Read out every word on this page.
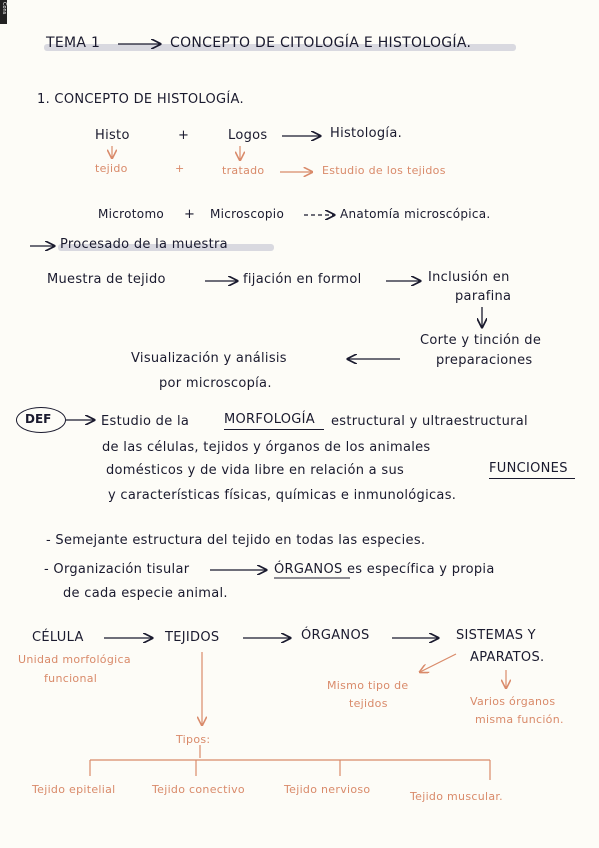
Cons
TEMA 1	CONCEPTO DE CITOLOGÍA E HISTOLOGÍA.
1. CONCEPTO DE HISTOLOGÍA.
Histo	+	Logos	Histología.
tejido	+	tratado	Estudio de los tejidos
Microtomo + Microscopio	Anatomía microscópica.
Procesado de la muestra
Muestra de tejido	fijación en formol	Inclusión en
parafina
Corte y tinción de
preparaciones
Visualización y análisis
por microscopía.
DEF	Estudio de la	MORFOLOGÍA estructural y ultraestructural
de las células, tejidos y órganos de los animales
domésticos y de vida libre en relación a sus	FUNCIONES
y características físicas, químicas e inmunológicas.
- Semejante estructura del tejido en todas las especies.
- Organización tisular	ÓRGANOS es específica y propia
de cada especie animal.
CÉLULA	TEJIDOS	ÓRGANOS	SISTEMAS Y
APARATOS.
Unidad morfológica
funcional
Mismo tipo de
tejidos	Varios órganos
misma función.
Tipos:
Tejido epitelial	Tejido conectivo	Tejido nervioso
Tejido muscular.
